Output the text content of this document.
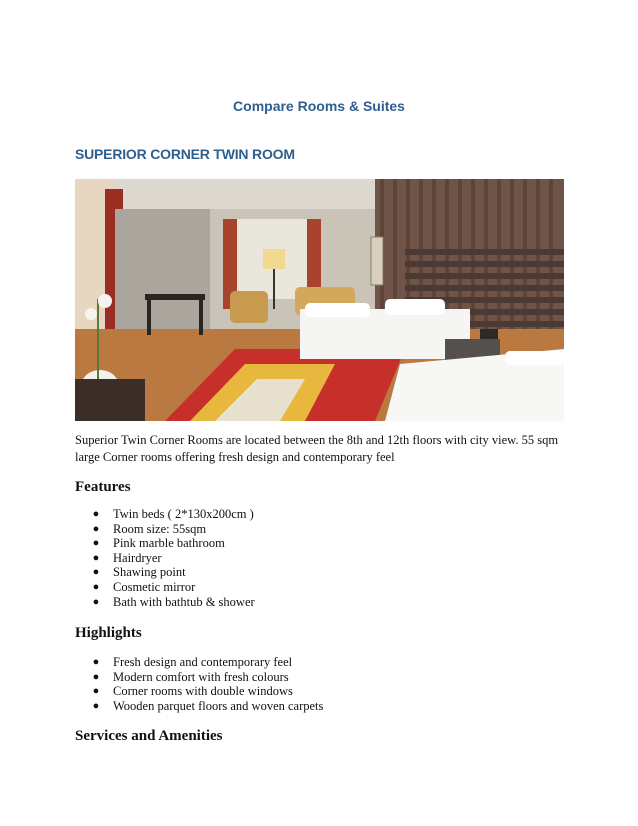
Compare Rooms & Suites
SUPERIOR CORNER TWIN ROOM
Superior Twin Corner Rooms are located between the 8th and 12th floors with city view. 55 sqm large Corner rooms offering fresh design and contemporary feel
Features
● Twin beds ( 2*130x200cm )
● Room size: 55sqm
● Pink marble bathroom
● Hairdryer
● Shawing point
● Cosmetic mirror
● Bath with bathtub & shower
Highlights
● Fresh design and contemporary feel
● Modern comfort with fresh colours
● Corner rooms with double windows
● Wooden parquet floors and woven carpets
Services and Amenities
